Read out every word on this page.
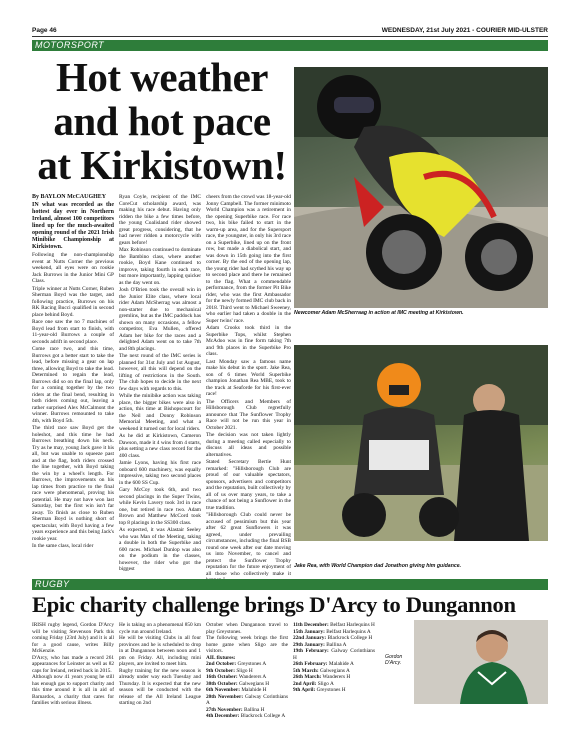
Page 46	WEDNESDAY, 21st July 2021 - COURIER MID-ULSTER
MOTORSPORT
Hot weather and hot pace at Kirkistown!

By BAYLON McCAUGHEY

IN what was recorded as the hottest day ever in Northern Ireland, almost 100 competitors lined up for the much-awaited opening round of the 2021 Irish Minibike Championship at Kirkistown.

Following the non-championship event at Nutts Corner the previous weekend, all eyes were on rookie Jack Burrows in the Junior Mini GP Class.

Triple winner at Nutts Corner, Ruben Sherman Boyd was the target, and following practice, Burrows on his RK Racing Bucci qualified in second place behind Boyd.

Race one saw the no 7 machines of Boyd lead from start to finish, with 11-year-old Burrows a couple of seconds adrift in second place.

Come race two, and this time, Burrows got a better start to take the lead, before missing a gear on lap three, allowing Boyd to take the lead. Determined to regain the lead, Burrows did so on the final lap, only for a coming together by the two riders at the final bend, resulting in both riders coming out, leaving a rather surprised Alex McCalmont the winner. Burrows remounted to take 4th, with Boyd 5th.

The third race saw Boyd get the holeshot, and this time he had Burrows breathing down his neck. Try as he may, young Jack gave it his all, but was unable to squeeze past and at the flag, both riders crossed the line together, with Boyd taking the win by a wheel's length. For Burrows, the improvements on his lap times from practice to the final race were phenomenal, proving his potential. He may not have won last Saturday, but the first win isn't far away. To finish as close to Ruben Sherman Boyd is nothing short of spectacular, with Boyd having a few years experience and this being Jack's rookie year.

In the same class, local rider

Ryan Coyle, recipient of the IMC CoreCut scholarship award, was making his race debut. Having only ridden the bike a few times before, the young Coalisland rider showed great progress, considering, that he had never ridden a motorcycle with gears before!

Max Robinson continued to dominate the Bambino class, where another rookie, Boyd Kane continued to improve, taking fourth in each race, but more importantly, lapping quicker as the day went on.

Josh O'Brien took the overall win in the Junior Elite class, where local rider Adam McSherrag was almost a non-starter due to mechanical gremlins, but as the IMC paddock has shown on many occasions, a fellow competitor, Eva Mullen, offered Adam her bike for the races and a delighted Adam went on to take 7th and 8th placings.

The next round of the IMC series is planned for 31st July and 1st August, however, all this will depend on the lifting of restrictions in the South. The club hopes to decide in the next few days with regards to this.

While the minibike action was taking place, the bigger bikes were also in action, this time at Bishopscourt for the Neil and Donny Robinson Memorial Meeting, and what a weekend it turned out for local riders.

As he did at Kirkistown, Cameron Dawson, made it 4 wins from 4 starts, plus setting a new class record for the 400 class.

Jamie Lyons, having his first race onboard 600 machinery, was equally impressive, taking two second places in the 600 SS Cup.

Gary McCoy took 6th, and two second placings in the Super Twins, while Kevin Lavery took 3rd in race one, but retired in race two. Adam Brown and Matthew McCord took top 8 placings in the SS300 class.

As expected, it was Alastair Seeley who was Man of the Meeting, taking a double in both the Superbike and 600 races. Michael Dunlop was also on the podium in the classes, however, the rider who got the biggest

cheers from the crowd was 18-year-old Jonny Campbell. The former minimoto World Champion was a retirement in the opening Superbike race. For race two, his bike failed to start in the warm-up area, and for the Supersport race, the youngster, in only his 3rd race on a Superbike, lined up on the front row, but made a diabolical start, and was down in 15th going into the first corner. By the end of the opening lap, the young rider had scythed his way up to second place and there he remained to the flag. What a commendable performance, from the former Pit Bike rider, who was the first Ambassador for the newly formed IMC club back in 2018. Third went to Michael Sweeney, who earlier had taken a double in the Super twins' race.

Adam Crooks took third in the Superbike Tops, whilst Stephen McAdoo was in fine form taking 7th and 9th places in the Superbike Pro class.

Last Monday saw a famous name make his debut in the sport. Jake Rea, son of 6 times World Superbike champion Jonathan Rea MBE, took to the track at Seaforde for his first-ever race!

The Officers and Members of Hillsborough Club regretfully announce that The Sunflower Trophy Race will not be run this year in October 2021.

The decision was not taken lightly during a meeting called especially to discuss all ideas and possible alternatives.

Stated Secretary Bertie Hunt remarked: "Hillsborough Club are proud of our valuable spectators, sponsors, advertisers and competitors and the reputation, built collectively by all of us over many years, to take a chance of not being a Sunflower in the true tradition.

"Hillsborough Club could never be accused of pessimism but this year after 62 great Sunflowers it was agreed, under prevailing circumstances, including the final BSB round one week after our date moving us into November, to cancel and protect the Sunflower Trophy reputation for the future enjoyment of all those who collectively make it

Newcomer Adam McSherraag in action at IMC meeting at Kirkistown.
Jake Rea, with World Champion dad Jonathon giving him guidance.
RUGBY
Epic charity challenge brings D'Arcy to Dungannon

IRISH rugby legend, Gordon D'Arcy will be visiting Stevenson Park this coming Friday (23rd July) and it is all for a good cause, writes Billy McKenzie.

D'Arcy, who has made a record 261 appearances for Leinster as well as 82 caps for Ireland, retired back in 2015.

Although now 41 years young he still has enough gas to support charity and this time around it is all in aid of Barnardos, a charity that cares for families with serious illness.

He is taking on a phenomenal 850 km cycle run around Ireland.

He will be visiting Clubs in all four provinces and he is scheduled to drop in at Dungannon between noon and 1 pm on Friday. All, including mini players, are invited to meet him.

Rugby training for the new season is already under way each Tuesday and Thursday. It is expected that the new season will be conducted with the release of the All Ireland League starting on 2nd

October when Dungannon travel to play Greystones.

The following week brings the first home game when Sligo are the visitors.

AIL fixtures:

2nd October: Greystones A
9th October: Sligo H
16th October: Wanderers A
30th October: Galwegians H
6th November: Malahide H
20th November: Galway Corinthians A
27th November: Ballina H
4th December: Blackrock College A
11th December: Belfast Harlequins H
15th January: Belfast Harlequins A
22nd January: Blackrock College H
29th January: Ballina A
19th February: Galway Corinthians H
26th February: Malahide A
5th March: Galwegians A
26th March: Wanderers H
2nd April: Sligo A
9th April: Greystones H
Gordon D'Arcy.
